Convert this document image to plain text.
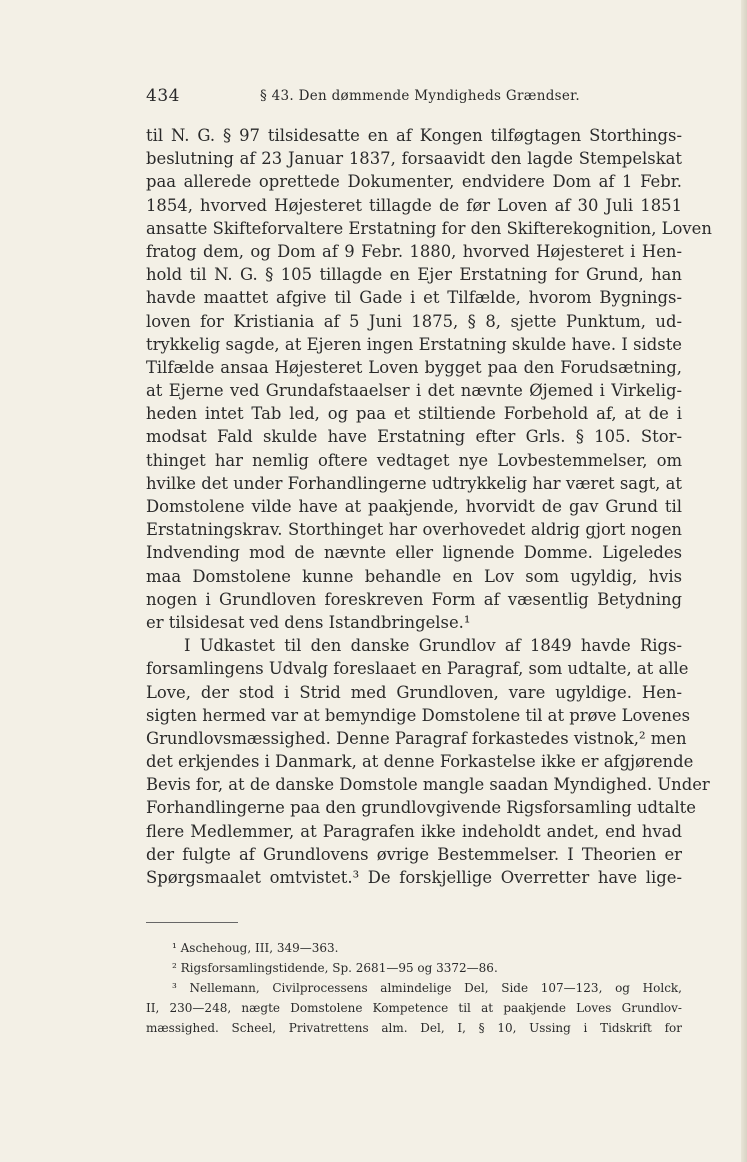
434	§ 43. Den dømmende Myndigheds Grændser.
til N. G. § 97 tilsidesatte en af Kongen tilføgtagen Storthings-
beslutning af 23 Januar 1837, forsaavidt den lagde Stempelskat
paa allerede oprettede Dokumenter, endvidere Dom af 1 Febr.
1854, hvorved Højesteret tillagde de før Loven af 30 Juli 1851
ansatte Skifteforvaltere Erstatning for den Skifterekognition, Loven
fratog dem, og Dom af 9 Febr. 1880, hvorved Højesteret i Hen-
hold til N. G. § 105 tillagde en Ejer Erstatning for Grund, han
havde maattet afgive til Gade i et Tilfælde, hvorom Bygnings-
loven for Kristiania af 5 Juni 1875, § 8, sjette Punktum, ud-
trykkelig sagde, at Ejeren ingen Erstatning skulde have. I sidste
Tilfælde ansaa Højesteret Loven bygget paa den Forudsætning,
at Ejerne ved Grundafstaaelser i det nævnte Øjemed i Virkelig-
heden intet Tab led, og paa et stiltiende Forbehold af, at de i
modsat Fald skulde have Erstatning efter Grls. § 105. Stor-
thinget har nemlig oftere vedtaget nye Lovbestemmelser, om
hvilke det under Forhandlingerne udtrykkelig har været sagt, at
Domstolene vilde have at paakjende, hvorvidt de gav Grund til
Erstatningskrav. Storthinget har overhovedet aldrig gjort nogen
Indvending mod de nævnte eller lignende Domme. Ligeledes
maa Domstolene kunne behandle en Lov som ugyldig, hvis
nogen i Grundloven foreskreven Form af væsentlig Betydning
er tilsidesat ved dens Istandbringelse.¹
I Udkastet til den danske Grundlov af 1849 havde Rigs-
forsamlingens Udvalg foreslaaet en Paragraf, som udtalte, at alle
Love, der stod i Strid med Grundloven, vare ugyldige. Hen-
sigten hermed var at bemyndige Domstolene til at prøve Lovenes
Grundlovsmæssighed. Denne Paragraf forkastedes vistnok,² men
det erkjendes i Danmark, at denne Forkastelse ikke er afgjørende
Bevis for, at de danske Domstole mangle saadan Myndighed. Under
Forhandlingerne paa den grundlovgivende Rigsforsamling udtalte
flere Medlemmer, at Paragrafen ikke indeholdt andet, end hvad
der fulgte af Grundlovens øvrige Bestemmelser. I Theorien er
Spørgsmaalet omtvistet.³ De forskjellige Overretter have lige-
¹ Aschehoug, III, 349—363.
² Rigsforsamlingstidende, Sp. 2681—95 og 3372—86.
³ Nellemann, Civilprocessens almindelige Del, Side 107—123, og Holck,
II, 230—248, nægte Domstolene Kompetence til at paakjende Loves Grundlov-
mæssighed. Scheel, Privatrettens alm. Del, I, § 10, Ussing i Tidskrift for
